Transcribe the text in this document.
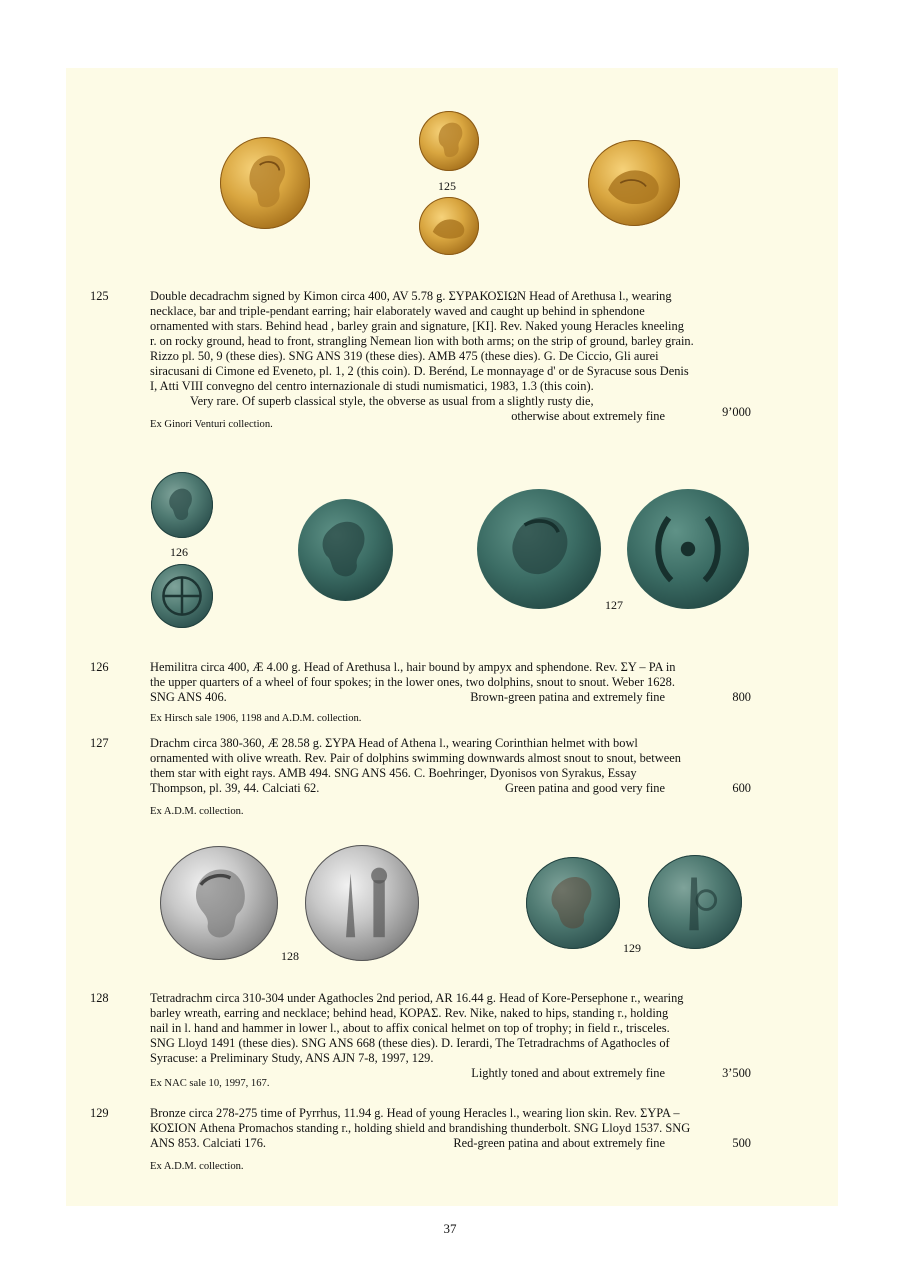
125
125	Double decadrachm signed by Kimon circa 400, AV 5.78 g. ΣΥΡΑΚΟΣΙΩΝ Head of Arethusa l., wearing
necklace, bar and triple-pendant earring; hair elaborately waved and caught up behind in sphendone
ornamented with stars. Behind head , barley grain and signature, [KI]. Rev. Naked young Heracles kneeling
r. on rocky ground, head to front, strangling Nemean lion with both arms; on the strip of ground, barley grain.
Rizzo pl. 50, 9 (these dies). SNG ANS 319 (these dies). AMB 475 (these dies). G. De Ciccio, Gli aurei
siracusani di Cimone ed Eveneto, pl. 1, 2 (this coin). D. Berénd, Le monnayage d' or de Syracuse sous Denis
I, Atti VIII convegno del centro internazionale di studi numismatici, 1983, 1.3 (this coin).
Very rare. Of superb classical style, the obverse as usual from a slightly rusty die,
otherwise about extremely fine	9’000
Ex Ginori Venturi collection.
126
127
126	Hemilitra circa 400, Æ 4.00 g. Head of Arethusa l., hair bound by ampyx and sphendone. Rev. ΣΥ – ΡΑ in
the upper quarters of a wheel of four spokes; in the lower ones, two dolphins, snout to snout. Weber 1628.
SNG ANS 406.	Brown-green patina and extremely fine	800
Ex Hirsch sale 1906, 1198 and A.D.M. collection.
127	Drachm circa 380-360, Æ 28.58 g. ΣΥΡΑ Head of Athena l., wearing Corinthian helmet with bowl
ornamented with olive wreath. Rev. Pair of dolphins swimming downwards almost snout to snout, between
them star with eight rays. AMB 494. SNG ANS 456. C. Boehringer, Dyonisos von Syrakus, Essay
Thompson, pl. 39, 44. Calciati 62.	Green patina and good very fine	600
Ex A.D.M. collection.
128
129
128	Tetradrachm circa 310-304 under Agathocles 2nd period, AR 16.44 g. Head of Kore-Persephone r., wearing
barley wreath, earring and necklace; behind head, ΚΟΡΑΣ. Rev. Nike, naked to hips, standing r., holding
nail in l. hand and hammer in lower l., about to affix conical helmet on top of trophy; in field r., trisceles.
SNG Lloyd 1491 (these dies). SNG ANS 668 (these dies). D. Ierardi, The Tetradrachms of Agathocles of
Syracuse: a Preliminary Study, ANS AJN 7-8, 1997, 129.
Lightly toned and about extremely fine	3’500
Ex NAC sale 10, 1997, 167.
129	Bronze circa 278-275 time of Pyrrhus, 11.94 g. Head of young Heracles l., wearing lion skin. Rev. ΣΥΡΑ –
ΚΟΣΙΟΝ Athena Promachos standing r., holding shield and brandishing thunderbolt. SNG Lloyd 1537. SNG
ANS 853. Calciati 176.	Red-green patina and about extremely fine	500
Ex A.D.M. collection.
37
